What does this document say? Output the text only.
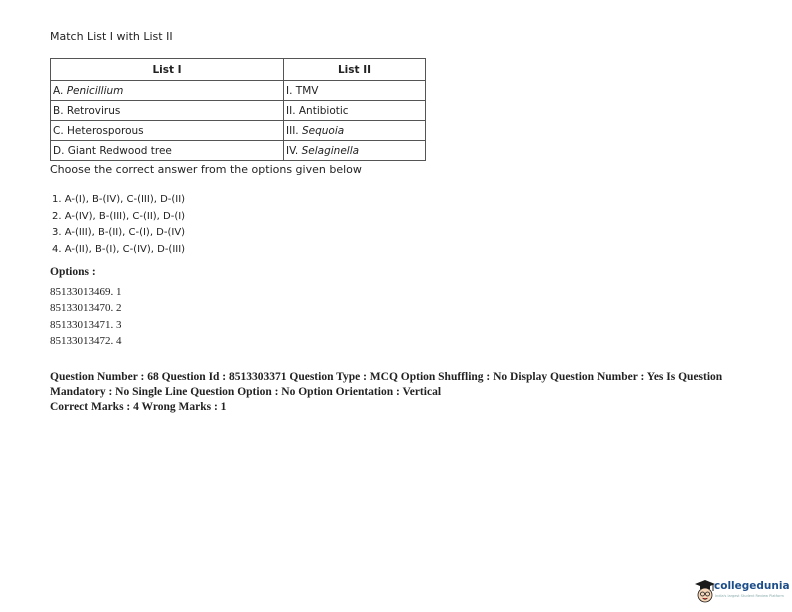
Match List I with List II
List I	List II
A. Penicillium	I. TMV
B. Retrovirus	II. Antibiotic
C. Heterosporous	III. Sequoia
D. Giant Redwood tree	IV. Selaginella
Choose the correct answer from the options given below
1. A-(I), B-(IV), C-(III), D-(II)
2. A-(IV), B-(III), C-(II), D-(I)
3. A-(III), B-(II), C-(I), D-(IV)
4. A-(II), B-(I), C-(IV), D-(III)
Options :
85133013469. 1
85133013470. 2
85133013471. 3
85133013472. 4

Question Number : 68 Question Id : 8513303371 Question Type : MCQ Option Shuffling : No Display Question Number : Yes Is Question Mandatory : No Single Line Question Option : No Option Orientation : Vertical

Correct Marks : 4 Wrong Marks : 1

collegedunia
India's largest Student Review Platform
